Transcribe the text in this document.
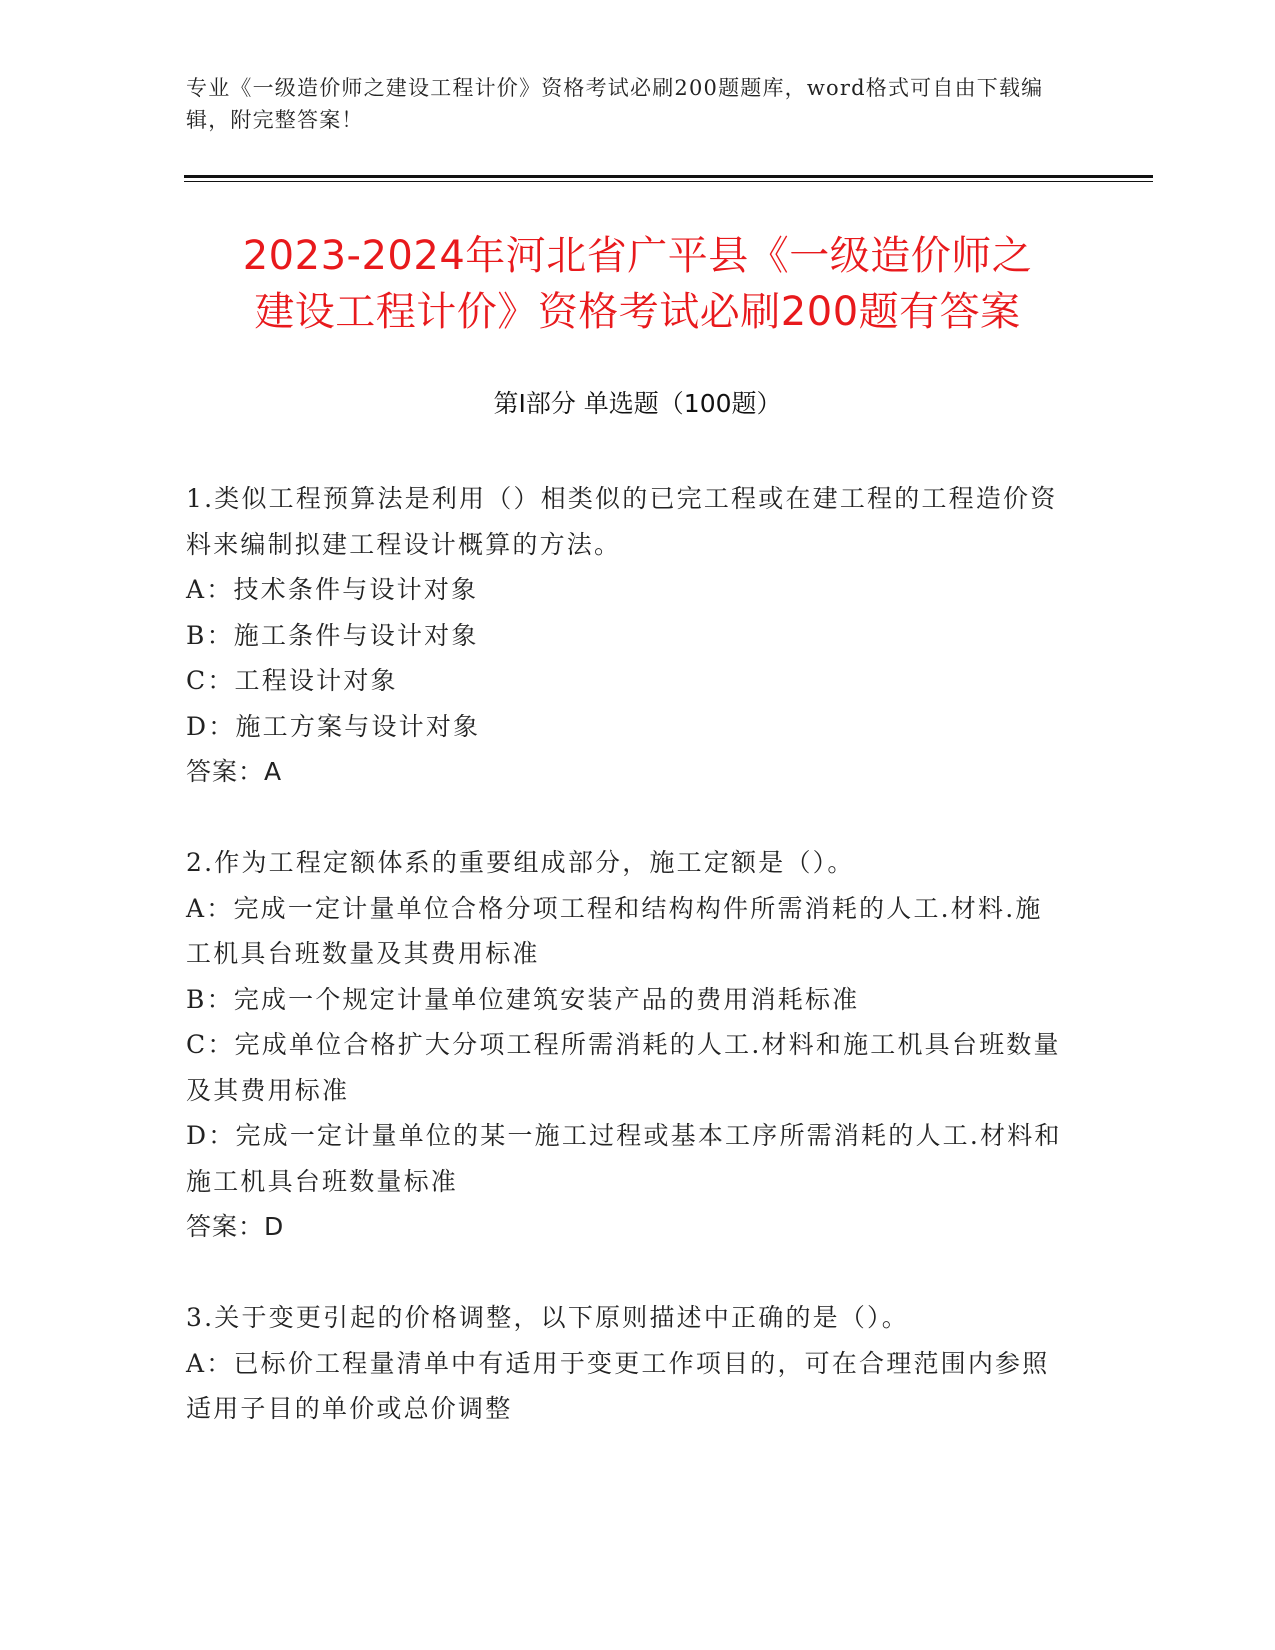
专业《一级造价师之建设工程计价》资格考试必刷200题题库，word格式可自由下载编辑，附完整答案！
2023-2024年河北省广平县《一级造价师之
建设工程计价》资格考试必刷200题有答案
第Ⅰ部分 单选题（100题）
1.类似工程预算法是利用（）相类似的已完工程或在建工程的工程造价资料来编制拟建工程设计概算的方法。
A：技术条件与设计对象
B：施工条件与设计对象
C：工程设计对象
D：施工方案与设计对象
答案：A
2.作为工程定额体系的重要组成部分，施工定额是（）。
A：完成一定计量单位合格分项工程和结构构件所需消耗的人工.材料.施工机具台班数量及其费用标准
B：完成一个规定计量单位建筑安装产品的费用消耗标准
C：完成单位合格扩大分项工程所需消耗的人工.材料和施工机具台班数量及其费用标准
D：完成一定计量单位的某一施工过程或基本工序所需消耗的人工.材料和施工机具台班数量标准
答案：D
3.关于变更引起的价格调整，以下原则描述中正确的是（）。
A：已标价工程量清单中有适用于变更工作项目的，可在合理范围内参照适用子目的单价或总价调整
